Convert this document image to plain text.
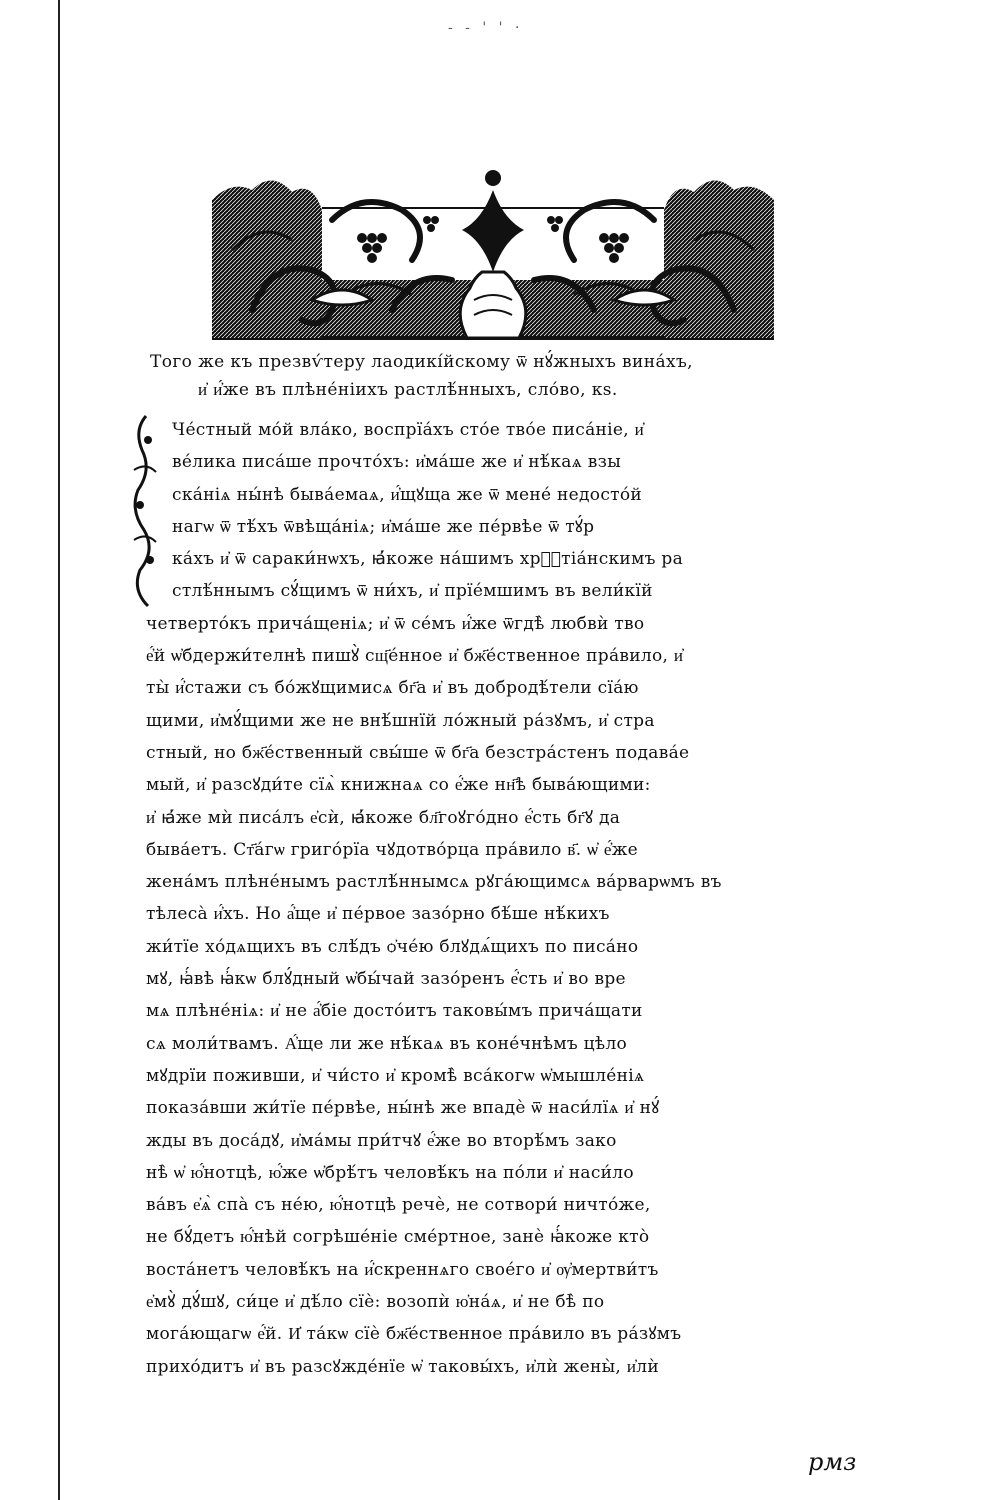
- - ' ' ·
Того же къ презвѵ́теру лаодикі́йскому ѿ нꙋ́жныхъ вина́хъ,
и҆ и҆́же въ плѣне́ніихъ растлѣ́нныхъ, сло́во, кѕ.
Че́стный мо́й вла́ко, воспрїа́хъ сто́е тво́е писа́ніе, и҆
ве́лика писа́ше прочто́хъ: и҆ма́ше же и҆ нѣ́каѧ взы
ска́ніѧ ны́нѣ быва́емаѧ, и҆́щꙋща же ѿ мене́ недосто́й
нагѡ ѿ тѣ́хъ ѿвѣща́ніѧ; и҆ма́ше же пе́рвѣе ѿ тꙋ́р
ка́хъ и҆ ѿ сараки́нѡхъ, ꙗ҆́коже на́шимъ хрⷭ҇тіа́нскимъ ра
стлѣ́ннымъ сꙋ́щимъ ѿ ни́хъ, и҆ прїе́мшимъ въ вели́кїй
четверто́къ прича́щеніѧ; и҆ ѿ се́мъ и҆́же ѿгдѣ̀ любвѝ тво
е҆́й ѡ҆бдержи́телнѣ пишꙋ̀ сщ҃е́нное и҆ бж҃е́ственное пра́вило, и҆
ты̀ и҆́стажи съ бо́жꙋщимисѧ бг҃а и҆ въ добродѣ́тели сїа́ю
щими, и҆мꙋ́щими же не внѣ́шнїй ло́жный ра́зꙋмъ, и҆ стра
стный, но бж҃е́ственный свы́ше ѿ бг҃а безстра́стенъ подава́е
мый, и҆ разсꙋди́те сїѧ̀ книжнаѧ со е҆́же нн҃ѣ быва́ющими:
и҆ ꙗ҆́же мѝ писа́лъ е҆сѝ, ꙗ҆́коже бл҃гоꙋго́дно е҆́сть бг҃ꙋ да
быва́етъ. Ст҃а́гѡ григо́рїа чꙋдотво́рца пра́вило в҃. ѡ҆ е҆́же
жена́мъ плѣне́нымъ растлѣ́ннымсѧ рꙋга́ющимсѧ ва́рварѡмъ въ
тѣлеса̀ и҆́хъ. Но а҆́ще и҆ пе́рвое зазо́рно бѣ́ше нѣ́кихъ
жи́тїе хо́дѧщихъ въ слѣ́дъ ѻ҆че́ю блꙋдѧ́щихъ по писа́но
мꙋ, ꙗ҆́вѣ ꙗ҆́кѡ блꙋ́дный ѡ҆бы́чай зазо́ренъ е҆́сть и҆ во вре
мѧ плѣне́ніѧ: и҆ не а҆́біе досто́итъ таковы́мъ прича́щати
сѧ моли́твамъ. А҆́ще ли же нѣ́каѧ въ коне́чнѣмъ цѣло
мꙋдрїи поживши, и҆ чи́сто и҆ кромѣ̀ вса́когѡ ѡ҆мышле́ніѧ
показа́вши жи́тїе пе́рвѣе, ны́нѣ же впадѐ ѿ наси́лїѧ и҆ нꙋ́
жды въ доса́дꙋ, и҆ма́мы при́тчꙋ е҆́же во вторѣ́мъ зако
нѣ̀ ѡ҆ ю҆́нотцѣ, ю҆́же ѡ҆брѣ́тъ человѣ́къ на по́ли и҆ наси́ло
ва́въ е҆ѧ̀ спа̀ съ не́ю, ю҆́нотцѣ речѐ, не сотвори́ ничто́же,
не бꙋ́детъ ю҆́нѣй согрѣше́ніе сме́ртное, занѐ ꙗ҆́коже кто̀
воста́нетъ человѣ́къ на и҆́скреннѧго свое́го и҆ ѹ҆мертви́тъ
е҆мꙋ̀ дꙋ́шꙋ, си́це и҆ дѣ́ло сїѐ: возопѝ ю҆на́ѧ, и҆ не бѣ̀ по
мога́ющагѡ е҆́й. И҆ та́кѡ сїѐ бж҃е́ственное пра́вило въ ра́зꙋмъ
прихо́дитъ и҆ въ разсꙋжде́нїе ѡ҆ таковы́хъ, и҆лѝ жены̀, и҆лѝ
рмз
